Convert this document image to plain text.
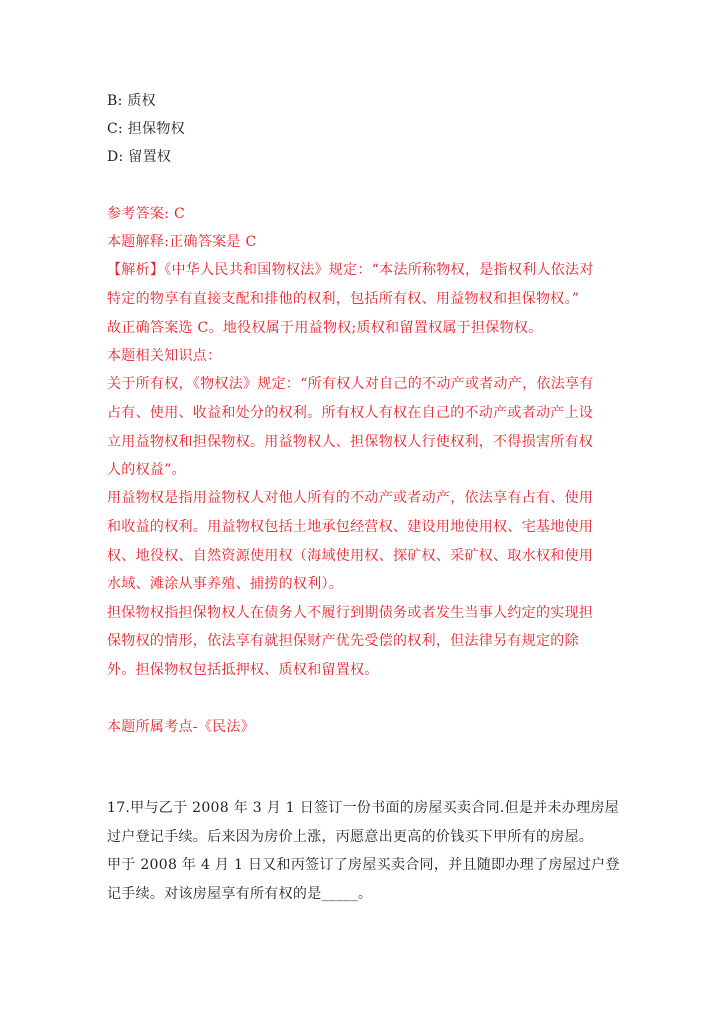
B: 质权
C: 担保物权
D: 留置权
参考答案: C
本题解释:正确答案是 C
【解析】《中华人民共和国物权法》规定：“本法所称物权，是指权利人依法对
特定的物享有直接支配和排他的权利，包括所有权、用益物权和担保物权。”
故正确答案选 C。地役权属于用益物权;质权和留置权属于担保物权。
本题相关知识点：
关于所有权，《物权法》规定：“所有权人对自己的不动产或者动产，依法享有
占有、使用、收益和处分的权利。所有权人有权在自己的不动产或者动产上设
立用益物权和担保物权。用益物权人、担保物权人行使权利，不得损害所有权
人的权益”。
用益物权是指用益物权人对他人所有的不动产或者动产，依法享有占有、使用
和收益的权利。用益物权包括土地承包经营权、建设用地使用权、宅基地使用
权、地役权、自然资源使用权（海域使用权、探矿权、采矿权、取水权和使用
水域、滩涂从事养殖、捕捞的权利）。
担保物权指担保物权人在债务人不履行到期债务或者发生当事人约定的实现担
保物权的情形，依法享有就担保财产优先受偿的权利，但法律另有规定的除
外。担保物权包括抵押权、质权和留置权。
本题所属考点-《民法》
17.甲与乙于 2008 年 3 月 1 日签订一份书面的房屋买卖合同.但是并未办理房屋
过户登记手续。后来因为房价上涨，丙愿意出更高的价钱买下甲所有的房屋。
甲于 2008 年 4 月 1 日又和丙签订了房屋买卖合同，并且随即办理了房屋过户登
记手续。对该房屋享有所有权的是_____。
